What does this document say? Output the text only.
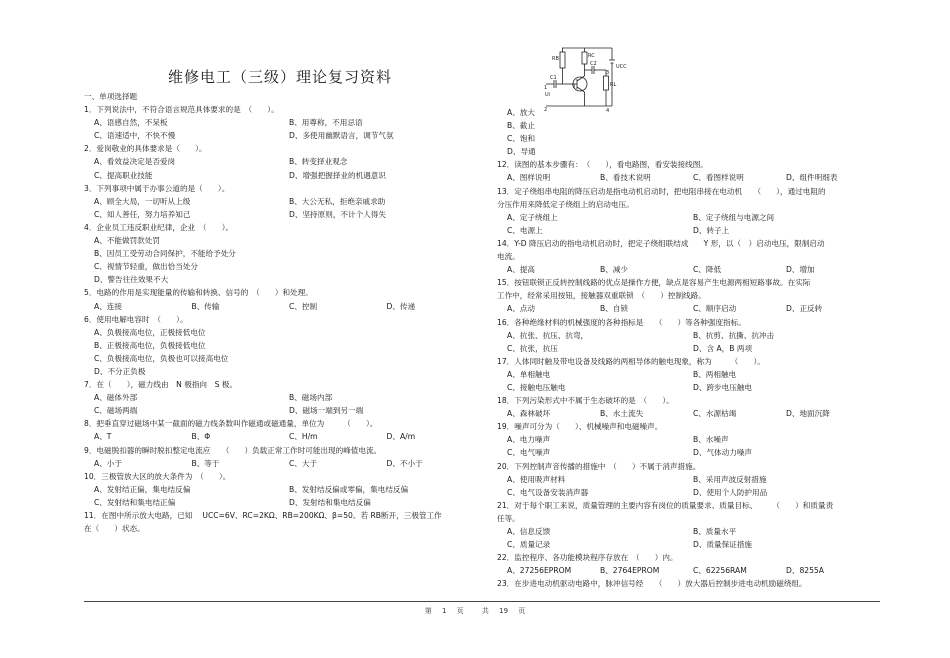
维修电工（三级）理论复习资料
RB	RC
C2
C1
V
Ui
UCC
RL
1
2
3
4
一、单项选择题
1．下列说法中，不符合语言规范具体要求的是　（　　）。
A、语感自然，不呆板	B、用尊称，不用忌语
C、语速适中，不快不慢	D、多使用幽默语言，调节气氛
2．爱岗敬业的具体要求是（　　）。
A、看效益决定是否爱岗	B、转变择业观念
C、提高职业技能	D、增强把握择业的机遇意识
3．下列事项中属于办事公道的是（　　）。
A、顾全大局，一切听从上级	B、大公无私，拒绝亲戚求助
C、知人善任，努力培养知己	D、坚持原则，不计个人得失
4．企业员工违反职业纪律，企业　（　　）。
A、不能做罚款处罚
B、因员工受劳动合同保护，不能给予处分
C、视情节轻重，做出恰当处分
D、警告往往效果不大
5．电路的作用是实现能量的传输和转换、信号的　（　　）和处理。
A、连接	B、传输	C、控制	D、传递
6．使用电解电容时　（　　）。
A、负极接高电位，正极接低电位
B、正极接高电位，负极接低电位
C、负极接高电位，负极也可以接高电位
D、不分正负极
7．在（　　），磁力线由　N 极指向　S 极。
A、磁体外部	B、磁场内部
C、磁场两端	D、磁场一端到另一端
8．把垂直穿过磁场中某一截面的磁力线条数叫作磁通或磁通量，单位为　　　（　　）。
A、T	B、Φ	C、H/m	D、A/m
9．电磁脱扣器的瞬时脱扣整定电流应　　（　　）负载正常工作时可能出现的峰值电流。
A、小于	B、等于	C、大于	D、不小于
10．三极管放大区的放大条件为　（　　）。
A、发射结正偏，集电结反偏	B、发射结反偏或零偏，集电结反偏
C、发射结和集电结正偏	D、发射结和集电结反偏
11．在图中所示放大电路，已知　 UCC=6V、RC=2KΩ、RB=200KΩ、β=50。若 RB断开，三极管工作
在（　　）状态。
A、放大
B、截止
C、饱和
D、导通
12．读图的基本步骤有：　（　　），看电路图，看安装接线图。
A、图样说明	B、看技术说明	C、看图样说明	D、组件明细表
13．定子绕组串电阻的降压启动是指电动机启动时，把电阻串接在电动机　　（　　），通过电阻的
分压作用来降低定子绕组上的启动电压。
A、定子绕组上	B、定子绕组与电源之间
C、电源上	D、转子上
14．Y-D 降压启动的指电动机启动时，把定子绕组联结成　　Y 形，以（　）启动电压，限制启动
电流。
A、提高	B、减少	C、降低	D、增加
15．按钮联锁正反转控制线路的优点是操作方便，缺点是容易产生电源两相短路事故。在实际
工作中，经常采用按钮，接触器双重联锁　（　　）控制线路。
A、点动	B、自锁	C、顺序启动	D、正反转
16．各种绝缘材料的机械强度的各种指标是　　（　　）等各种强度指标。
A、抗张、抗压、抗弯，	B、抗剪、抗撕、抗冲击
C、抗张，抗压	D、含 A，B 两项
17．人体同时触及带电设备及线路的两相导体的触电现象，称为　　　（　　）。
A、单相触电	B、两相触电
C、接触电压触电	D、跨步电压触电
18．下列污染形式中不属于生态破坏的是　（　　）。
A、森林破坏	B、水土流失	C、水源枯竭	D、地面沉降
19．噪声可分为（　　）、机械噪声和电磁噪声。
A、电力噪声	B、水噪声
C、电气噪声	D、气体动力噪声
20．下列控制声音传播的措施中　（　　）不属于消声措施。
A、使用吸声材料	B、采用声波反射措施
C、电气设备安装消声器	D、使用个人防护用品
21．对于每个职工来说，质量管理的主要内容有岗位的质量要求、质量目标、　　　（　　）和质量责
任等。
A、信息反馈	B、质量水平
C、质量记录	D、质量保证措施
22．监控程序、各功能模块程序存放在　（　　）内。
A、27256EPROM	B、2764EPROM	C、62256RAM	D、8255A
23．在步进电动机驱动电路中，脉冲信号经　　（　　）放大器后控制步进电动机励磁绕组。
第 1 页	共 19 页
